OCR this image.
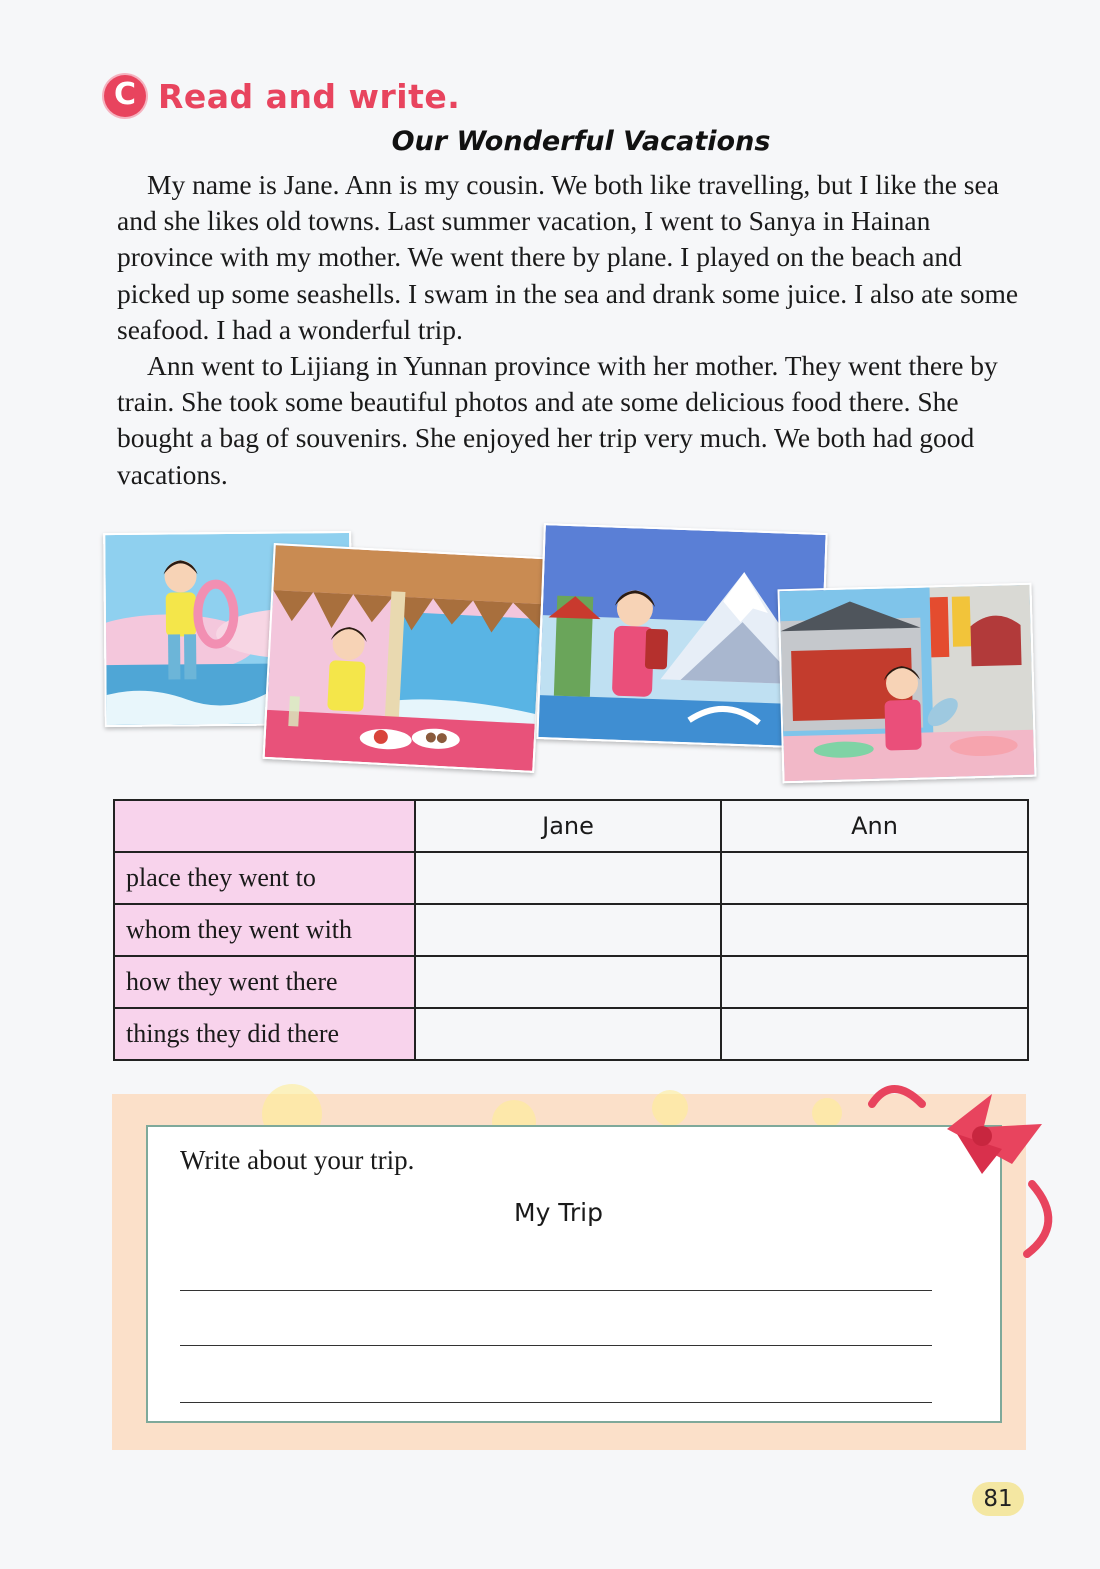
C Read and write.
Our Wonderful Vacations

My name is Jane. Ann is my cousin. We both like travelling, but I like the sea and she likes old towns. Last summer vacation, I went to Sanya in Hainan province with my mother. We went there by plane. I played on the beach and picked up some seashells. I swam in the sea and drank some juice. I also ate some seafood. I had a wonderful trip.

Ann went to Lijiang in Yunnan province with her mother. They went there by train. She took some beautiful photos and ate some delicious food there. She bought a bag of souvenirs. She enjoyed her trip very much. We both had good vacations.

	Jane	Ann
place they went to		
whom they went with		
how they went there		
things they did there		
Write about your trip.
My Trip
81
